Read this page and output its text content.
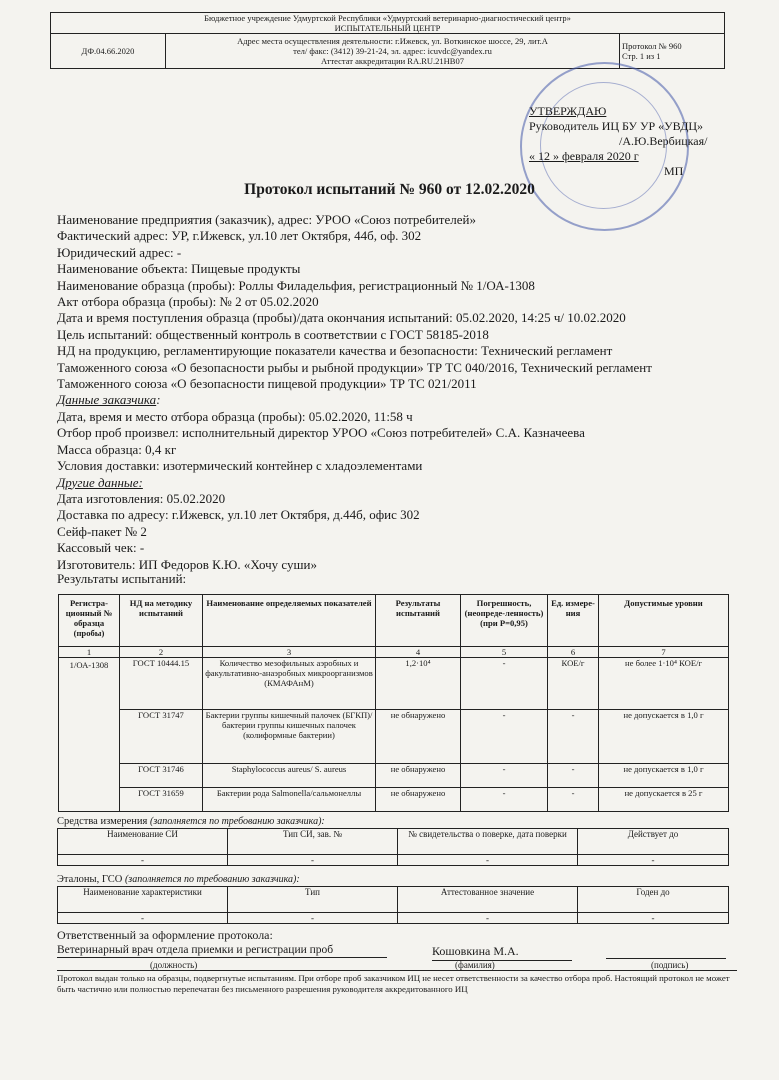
Бюджетное учреждение Удмуртской Республики «Удмуртский ветеринарно-диагностический центр»
ИСПЫТАТЕЛЬНЫЙ ЦЕНТР

ДФ.04.66.2020	
Адрес места осуществления деятельности: г.Ижевск, ул. Воткинское шоссе, 29, лит.А
тел/ факс: (3412) 39-21-24, эл. адрес: icuvdc@yandex.ru
Аттестат аккредитации RA.RU.21НВ07

Протокол № 960
Стр. 1 из 1
УТВЕРЖДАЮ
Руководитель ИЦ БУ УР «УВДЦ»
/А.Ю.Вербицкая/
« 12 » февраля 2020 г
МП
Протокол испытаний № 960 от 12.02.2020
Наименование предприятия (заказчик), адрес: УРОО «Союз потребителей»
Фактический адрес: УР, г.Ижевск, ул.10 лет Октября, 44б, оф. 302
Юридический адрес: -
Наименование объекта: Пищевые продукты
Наименование образца (пробы): Роллы Филадельфия, регистрационный № 1/ОА-1308
Акт отбора образца (пробы): № 2 от 05.02.2020
Дата и время поступления образца (пробы)/дата окончания испытаний: 05.02.2020, 14:25 ч/ 10.02.2020
Цель испытаний: общественный контроль в соответствии с ГОСТ 58185-2018
НД на продукцию, регламентирующие показатели качества и безопасности: Технический регламент
Таможенного союза «О безопасности рыбы и рыбной продукции» ТР ТС 040/2016, Технический регламент
Таможенного союза «О безопасности пищевой продукции» ТР ТС 021/2011
Данные заказчика:
Дата, время и место отбора образца (пробы): 05.02.2020, 11:58 ч
Отбор проб произвел: исполнительный директор УРОО «Союз потребителей» С.А. Казначеева
Масса образца: 0,4 кг
Условия доставки: изотермический контейнер с хладоэлементами
Другие данные:
Дата изготовления: 05.02.2020
Доставка по адресу: г.Ижевск, ул.10 лет Октября, д.44б, офис 302
Сейф-пакет № 2
Кассовый чек: -
Изготовитель: ИП Федоров К.Ю. «Хочу суши»
Результаты испытаний:
Регистра-ционный № образца (пробы)	НД на методику испытаний	Наименование определяемых показателей	Результаты испытаний	Погрешность, (неопреде-ленность) (при Р=0,95)	Ед. измере-ния	Допустимые уровни
1	2	3	4	5	6	7
1/ОА-1308	ГОСТ 10444.15	Количество мезофильных аэробных и факультативно-анаэробных микроорганизмов (КМАФАнМ)	1,2·10⁴	-	КОЕ/г	не более 1·10⁴ КОЕ/г
	ГОСТ 31747	Бактерии группы кишечный палочек (БГКП)/ бактерии группы кишечных палочек (колиформные бактерии)	не обнаружено	-	-	не допускается в 1,0 г
	ГОСТ 31746	Staphylococcus aureus/ S. aureus	не обнаружено	-	-	не допускается в 1,0 г
	ГОСТ 31659	Бактерии рода Salmonella/сальмонеллы	не обнаружено	-	-	не допускается в 25 г
Средства измерения (заполняется по требованию заказчика):
Наименование СИ	Тип СИ, зав. №	№ свидетельства о поверке, дата поверки	Действует до
-	-	-	-
Эталоны, ГСО (заполняется по требованию заказчика):
Наименование характеристики	Тип	Аттестованное значение	Годен до
-	-	-	-
Ответственный за оформление протокола:
Ветеринарный врач отдела приемки и регистрации проб	Кошовкина М.А.
(должность)	(фамилия)	(подпись)
Протокол выдан только на образцы, подвергнутые испытаниям. При отборе проб заказчиком ИЦ не несет ответственности за качество отбора проб. Настоящий протокол не может быть частично или полностью перепечатан без письменного разрешения руководителя аккредитованного ИЦ
